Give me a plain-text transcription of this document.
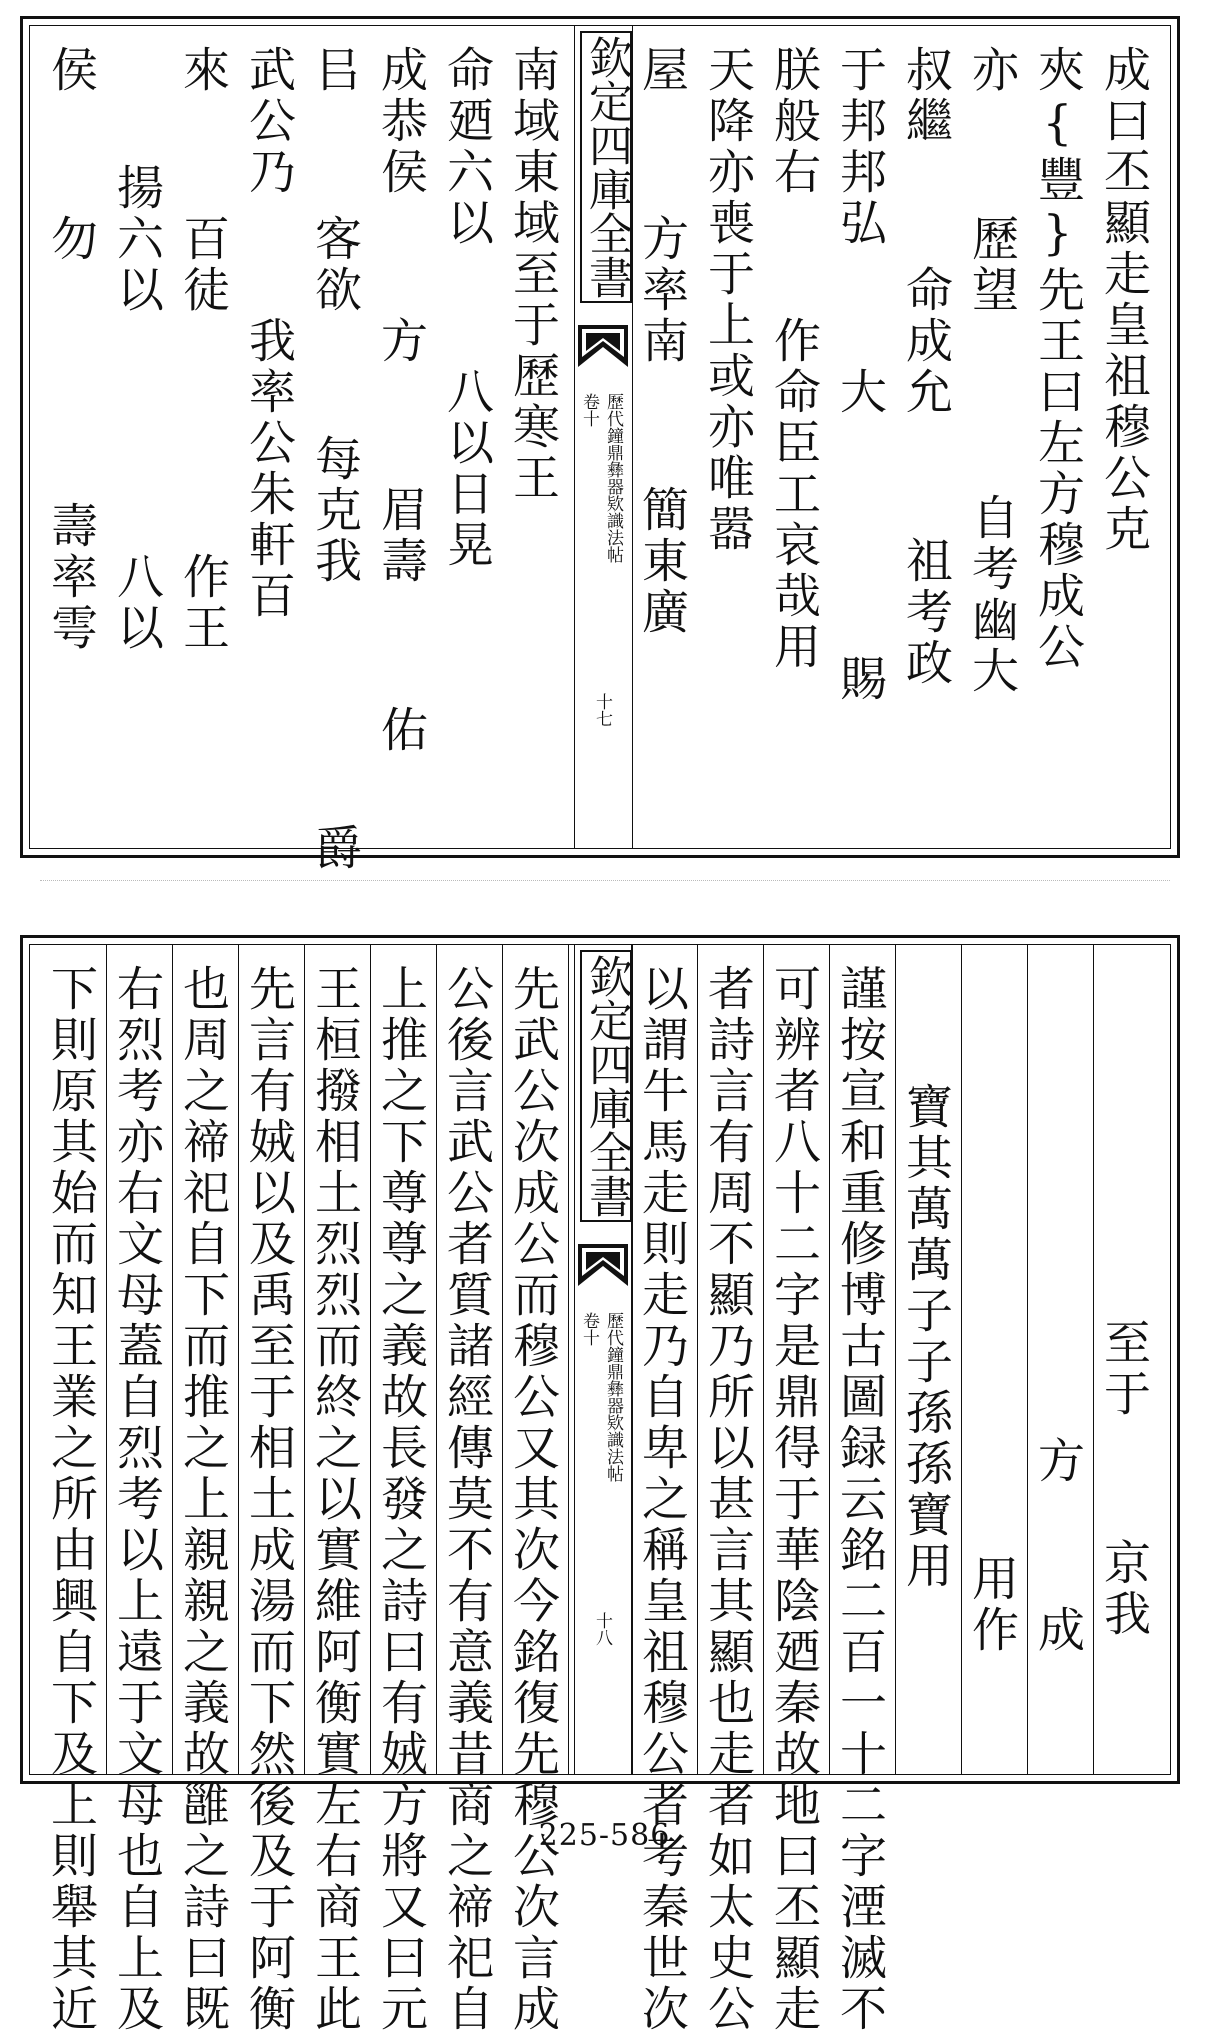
成曰丕顯走皇祖穆公克
夾{豐}先王曰左方穆成公
亦  歷望   自考幽大
叔繼  命成允  祖考政
于邦邦弘  大    賜
朕般右  作命臣工哀哉用
天降亦喪于上或亦唯嚣
屋  方率南  簡東廣
南域東域至于歷寒王
命廼六以  八以日晃
成恭侯  方  眉壽  佑
㠯  客欲  每克我    爵
武公乃  我率公朱軒百
來  百徒    作王
揚六以    八以
侯  勿    壽率雩	欽定四庫全書
歷代鐘鼎彝器欵識法帖
卷十
十七
至于  京我
方  成
用作
寶其萬萬子子孫孫寶用
謹按宣和重修博古圖録云銘二百一十二字湮滅不
可辨者八十二字是鼎得于華陰廼秦故地曰丕顯走
者詩言有周不顯乃所以甚言其顯也走者如太史公
以謂牛馬走則走乃自卑之稱皇祖穆公者考秦世次
先武公次成公而穆公又其次今銘復先穆公次言成
公後言武公者質諸經傳莫不有意義昔商之禘祀自
上推之下尊尊之義故長發之詩曰有娀方將又曰元
王桓撥相土烈烈而終之以實維阿衡實左右商王此
先言有娀以及禹至于相土成湯而下然後及于阿衡
也周之禘祀自下而推之上親親之義故雝之詩曰既
右烈考亦右文母蓋自烈考以上遠于文母也自上及
下則原其始而知王業之所由興自下及上則舉其近	欽定四庫全書
歷代鐘鼎彝器欵識法帖
卷十
十八
225-586
